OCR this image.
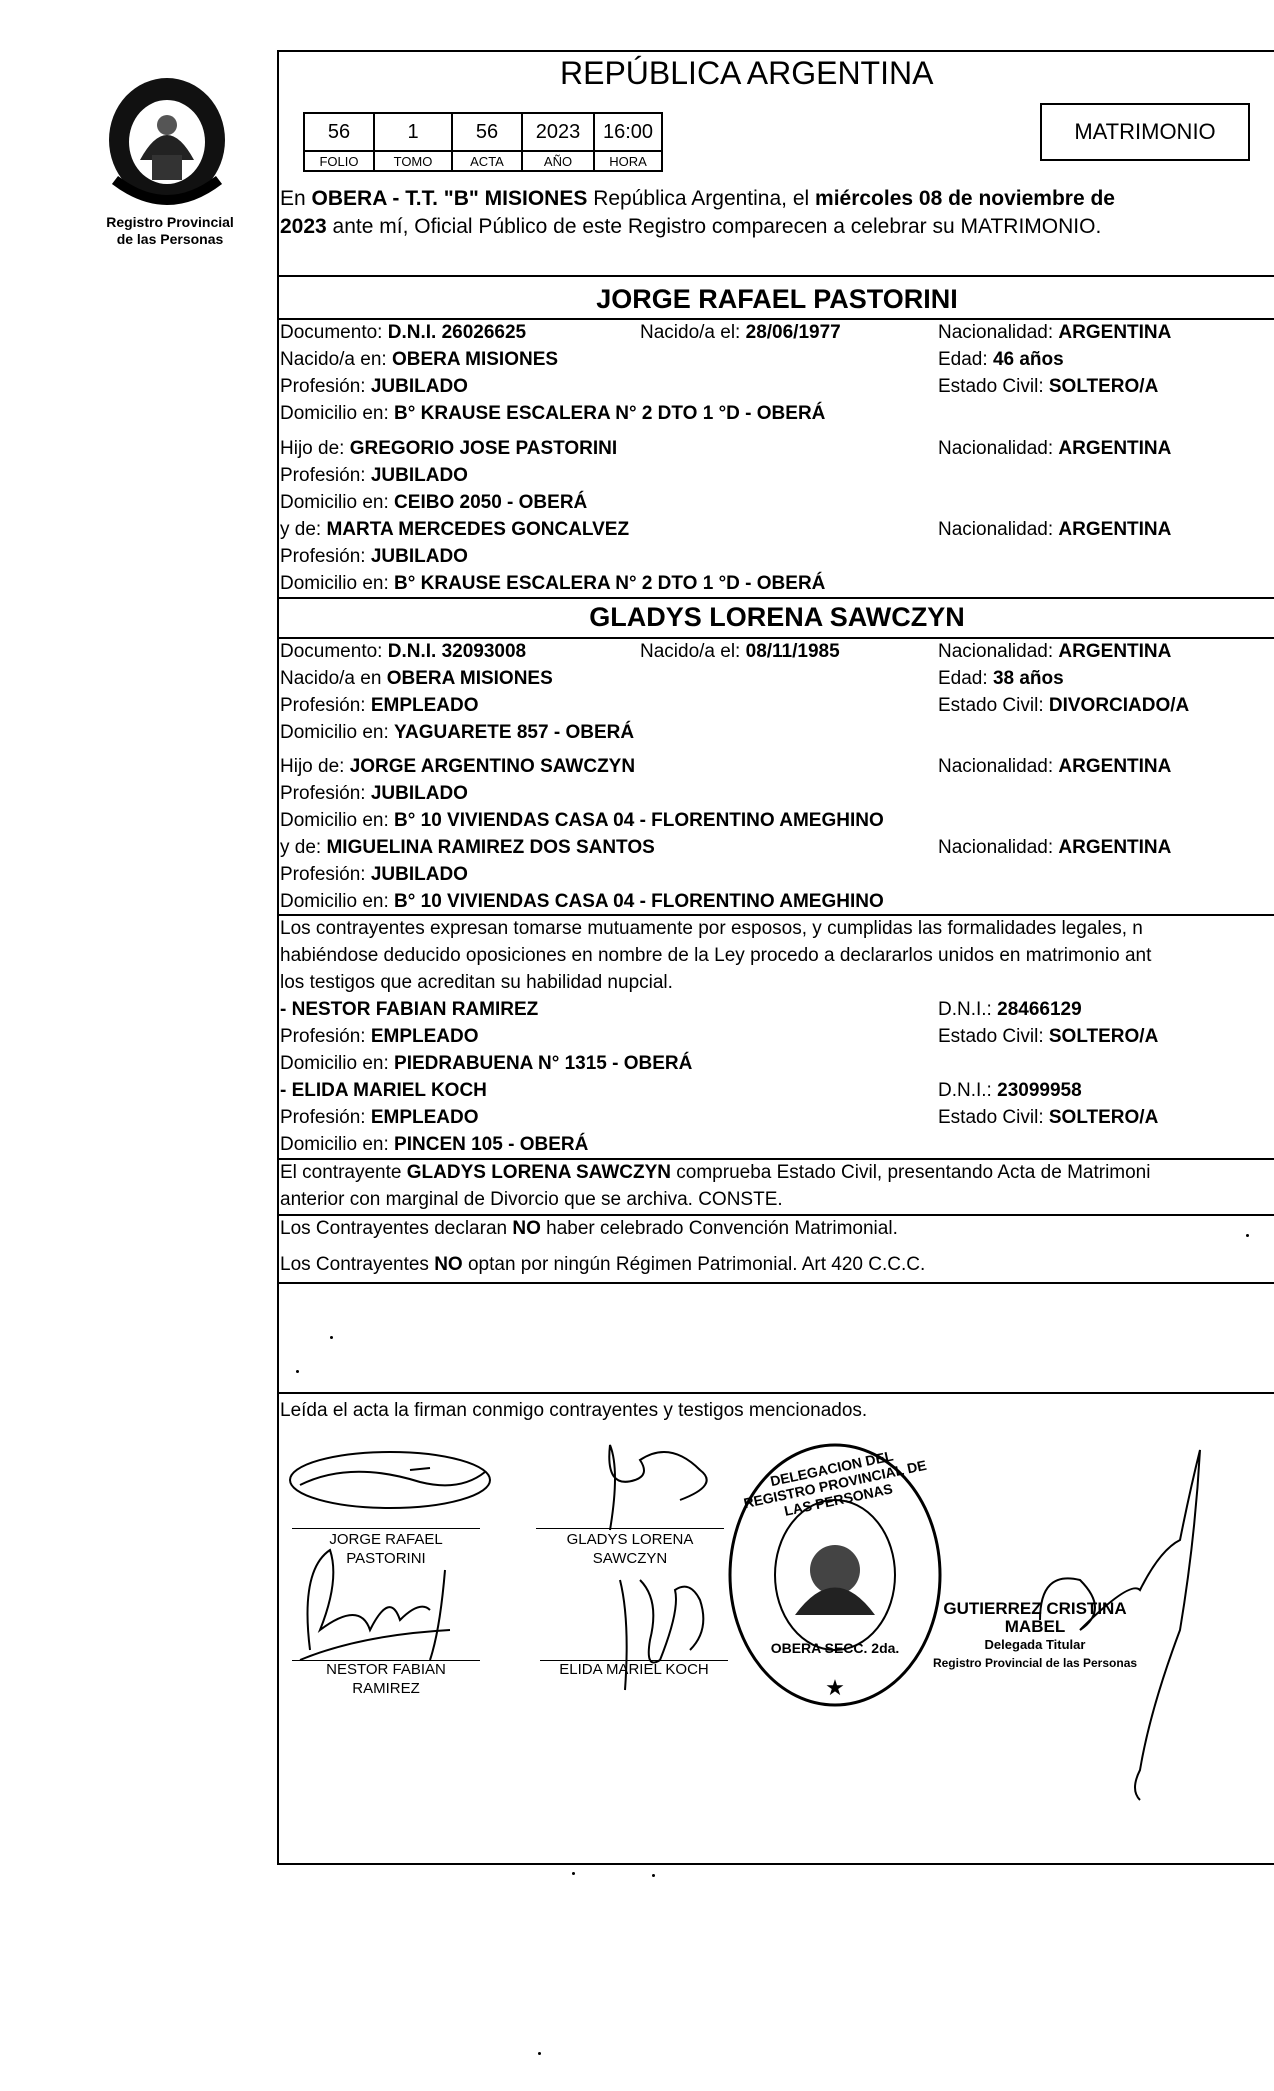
Registro Provincial
de las Personas
REPÚBLICA ARGENTINA
56	1	56	2023	16:00
FOLIO	TOMO	ACTA	AÑO	HORA
MATRIMONIO
En OBERA - T.T. "B" MISIONES República Argentina, el miércoles 08 de noviembre de
2023 ante mí, Oficial Público de este Registro comparecen a celebrar su MATRIMONIO.
JORGE RAFAEL PASTORINI
Documento: D.N.I. 26026625	Nacido/a el: 28/06/1977	Nacionalidad: ARGENTINA
Nacido/a en: OBERA MISIONES	Edad: 46 años
Profesión: JUBILADO	Estado Civil: SOLTERO/A
Domicilio en: B° KRAUSE ESCALERA N° 2 DTO 1 °D - OBERÁ
Hijo de: GREGORIO JOSE PASTORINI	Nacionalidad: ARGENTINA
Profesión: JUBILADO
Domicilio en: CEIBO 2050 - OBERÁ
y de: MARTA MERCEDES GONCALVEZ	Nacionalidad: ARGENTINA
Profesión: JUBILADO
Domicilio en: B° KRAUSE ESCALERA N° 2 DTO 1 °D - OBERÁ
GLADYS LORENA SAWCZYN
Documento: D.N.I. 32093008	Nacido/a el: 08/11/1985	Nacionalidad: ARGENTINA
Nacido/a en OBERA MISIONES	Edad: 38 años
Profesión: EMPLEADO	Estado Civil: DIVORCIADO/A
Domicilio en: YAGUARETE 857 - OBERÁ
Hijo de: JORGE ARGENTINO SAWCZYN	Nacionalidad: ARGENTINA
Profesión: JUBILADO
Domicilio en: B° 10 VIVIENDAS CASA 04 - FLORENTINO AMEGHINO
y de: MIGUELINA RAMIREZ DOS SANTOS	Nacionalidad: ARGENTINA
Profesión: JUBILADO
Domicilio en: B° 10 VIVIENDAS CASA 04 - FLORENTINO AMEGHINO
Los contrayentes expresan tomarse mutuamente por esposos, y cumplidas las formalidades legales, n
habiéndose deducido oposiciones en nombre de la Ley procedo a declararlos unidos en matrimonio ant
los testigos que acreditan su habilidad nupcial.
- NESTOR FABIAN RAMIREZ	D.N.I.: 28466129
Profesión: EMPLEADO	Estado Civil: SOLTERO/A
Domicilio en: PIEDRABUENA N° 1315 - OBERÁ
- ELIDA MARIEL KOCH	D.N.I.: 23099958
Profesión: EMPLEADO	Estado Civil: SOLTERO/A
Domicilio en: PINCEN 105 - OBERÁ
El contrayente GLADYS LORENA SAWCZYN comprueba Estado Civil, presentando Acta de Matrimoni
anterior con marginal de Divorcio que se archiva. CONSTE.
Los Contrayentes declaran NO haber celebrado Convención Matrimonial.
Los Contrayentes NO optan por ningún Régimen Patrimonial. Art 420 C.C.C.
Leída el acta la firman conmigo contrayentes y testigos mencionados.
★
DELEGACION DEL REGISTRO PROVINCIAL DE LAS PERSONAS
OBERA SECC. 2da.
JORGE RAFAEL
PASTORINI
GLADYS LORENA
SAWCZYN
NESTOR FABIAN
RAMIREZ
ELIDA MARIEL KOCH
GUTIERREZ CRISTINA MABEL
Delegada Titular
Registro Provincial de las Personas
